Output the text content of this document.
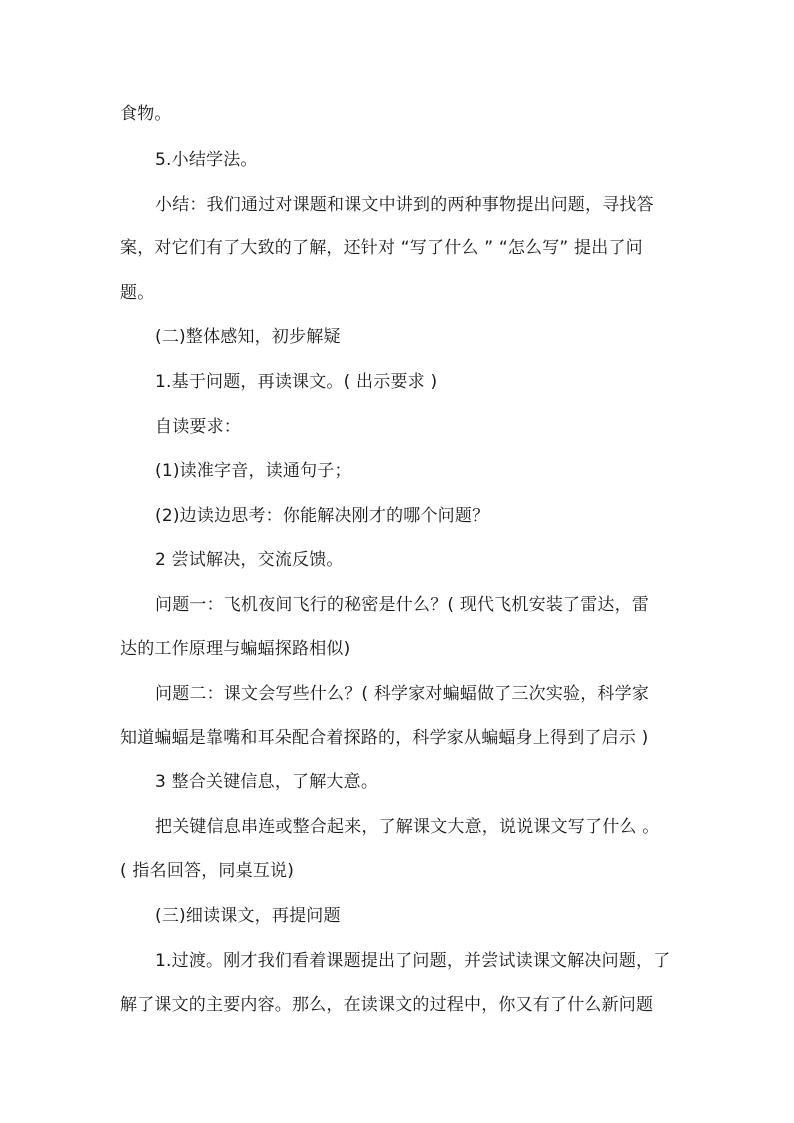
食物。
5.小结学法。
小结：我们通过对课题和课文中讲到的两种事物提出问题，寻找答
案，对它们有了大致的了解，还针对 “写了什么 ” “怎么写” 提出了问
题。
(二)整体感知，初步解疑
1.基于问题，再读课文。( 出示要求 )
自读要求：
(1)读准字音，读通句子；
(2)边读边思考：你能解决刚才的哪个问题？
2 尝试解决，交流反馈。
问题一：飞机夜间飞行的秘密是什么？( 现代飞机安装了雷达，雷
达的工作原理与蝙蝠探路相似)
问题二：课文会写些什么？( 科学家对蝙蝠做了三次实验，科学家
知道蝙蝠是靠嘴和耳朵配合着探路的，科学家从蝙蝠身上得到了启示 )
3 整合关键信息，了解大意。
把关键信息串连或整合起来，了解课文大意，说说课文写了什么 。
( 指名回答，同桌互说)
(三)细读课文，再提问题
1.过渡。刚才我们看着课题提出了问题，并尝试读课文解决问题，了
解了课文的主要内容。那么，在读课文的过程中，你又有了什么新问题
